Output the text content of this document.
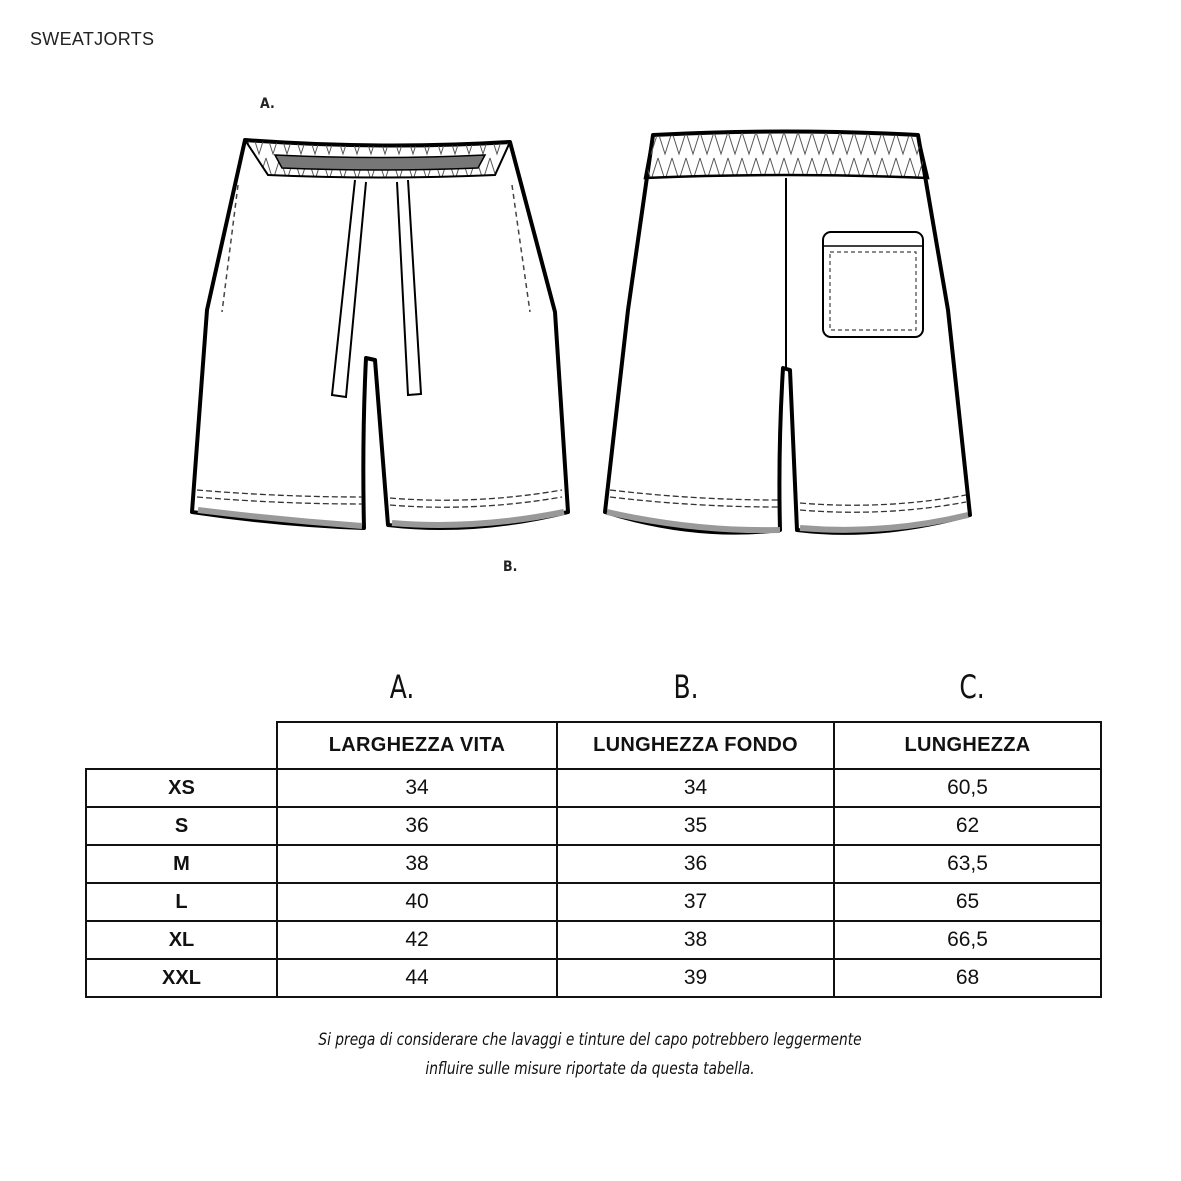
SWEATJORTS
A.
B.
A.	B.	C.
	LARGHEZZA VITA	LUNGHEZZA FONDO	LUNGHEZZA
XS	34	34	60,5
S	36	35	62
M	38	36	63,5
L	40	37	65
XL	42	38	66,5
XXL	44	39	68
Si prega di considerare che lavaggi e tinture del capo potrebbero leggermente
influire sulle misure riportate da questa tabella.
